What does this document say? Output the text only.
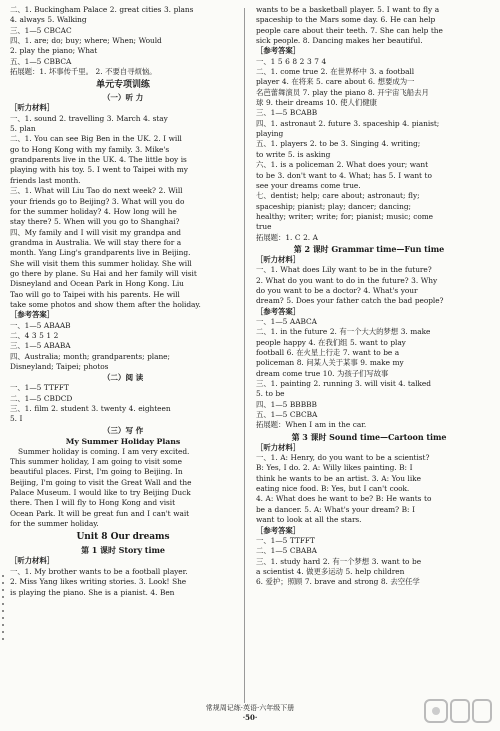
二、1. Buckingham Palace 2. great cities 3. plans
4. always 5. Walking
三、1—5 CBCAC
四、1. are; do; buy; where; When; Would
2. play the piano; What
五、1—5 CBBCA
拓展题：1. 坏事传千里。 2. 不要自寻烦恼。
单元专项训练
（一）听 力
［听力材料］
一、1. sound 2. travelling 3. March 4. stay
5. plan
二、1. You can see Big Ben in the UK. 2. I will
go to Hong Kong with my family. 3. Mike's
grandparents live in the UK. 4. The little boy is
playing with his toy. 5. I went to Taipei with my
friends last month.
三、1. What will Liu Tao do next week? 2. Will
your friends go to Beijing? 3. What will you do
for the summer holiday? 4. How long will he
stay there? 5. When will you go to Shanghai?
四、My family and I will visit my grandpa and
grandma in Australia. We will stay there for a
month. Yang Ling's grandparents live in Beijing.
She will visit them this summer holiday. She will
go there by plane. Su Hai and her family will visit
Disneyland and Ocean Park in Hong Kong. Liu
Tao will go to Taipei with his parents. He will
take some photos and show them after the holiday.
［参考答案］
一、1—5 ABAAB
二、4 3 5 1 2
三、1—5 ABABA
四、Australia; month; grandparents; plane;
Disneyland; Taipei; photos
（二）阅 读
一、1—5 TTFFT
二、1—5 CBDCD
三、1. film 2. student 3. twenty 4. eighteen
5. I
（三）写 作
My Summer Holiday Plans
Summer holiday is coming. I am very excited.
This summer holiday, I am going to visit some
beautiful places. First, I'm going to Beijing. In
Beijing, I'm going to visit the Great Wall and the
Palace Museum. I would like to try Beijing Duck
there. Then I will fly to Hong Kong and visit
Ocean Park. It will be great fun and I can't wait
for the summer holiday.
Unit 8 Our dreams
第 1 课时 Story time
［听力材料］
一、1. My brother wants to be a football player.
2. Miss Yang likes writing stories. 3. Look! She
is playing the piano. She is a pianist. 4. Ben
wants to be a basketball player. 5. I want to fly a
spaceship to the Mars some day. 6. He can help
people care about their teeth. 7. She can help the
sick people. 8. Dancing makes her beautiful.
［参考答案］
一、1 5 6 8 2 3 7 4
二、1. come true 2. 在世界杯中 3. a football
player 4. 在将来 5. care about 6. 想要成为一
名芭蕾舞演员 7. play the piano 8. 开宇宙飞船去月
球 9. their dreams 10. 使人们健康
三、1—5 BCABB
四、1. astronaut 2. future 3. spaceship 4. pianist;
playing
五、1. players 2. to be 3. Singing 4. writing;
to write 5. is asking
六、1. is a policeman 2. What does your; want
to be 3. don't want to 4. What; has 5. I want to
see your dreams come true.
七、dentist; help; care about; astronaut; fly;
spaceship; pianist; play; dancer; dancing;
healthy; writer; write; for; pianist; music; come
true
拓展题：1. C 2. A
第 2 课时 Grammar time—Fun time
［听力材料］
一、1. What does Lily want to be in the future?
2. What do you want to do in the future? 3. Why
do you want to be a doctor? 4. What's your
dream? 5. Does your father catch the bad people?
［参考答案］
一、1—5 AABCA
二、1. in the future 2. 有一个大大的梦想 3. make
people happy 4. 在我们组 5. want to play
football 6. 在火星上行走 7. want to be a
policeman 8. 问某人关于某事 9. make my
dream come true 10. 为孩子们写故事
三、1. painting 2. running 3. will visit 4. talked
5. to be
四、1—5 BBBBB
五、1—5 CBCBA
拓展题：When I am in the car.
第 3 课时 Sound time—Cartoon time
［听力材料］
一、1. A: Henry, do you want to be a scientist?
B: Yes, I do. 2. A: Willy likes painting. B: I
think he wants to be an artist. 3. A: You like
eating nice food. B: Yes, but I can't cook.
4. A: What does he want to be? B: He wants to
be a dancer. 5. A: What's your dream? B: I
want to look at all the stars.
［参考答案］
一、1—5 TTFFT
二、1—5 CBABA
三、1. study hard 2. 有一个梦想 3. want to be
a scientist 4. 做更多运动 5. help children
6. 爱护；照顾 7. brave and strong 8. 去空任学
常规周记练·英语·六年级下册
·50·
